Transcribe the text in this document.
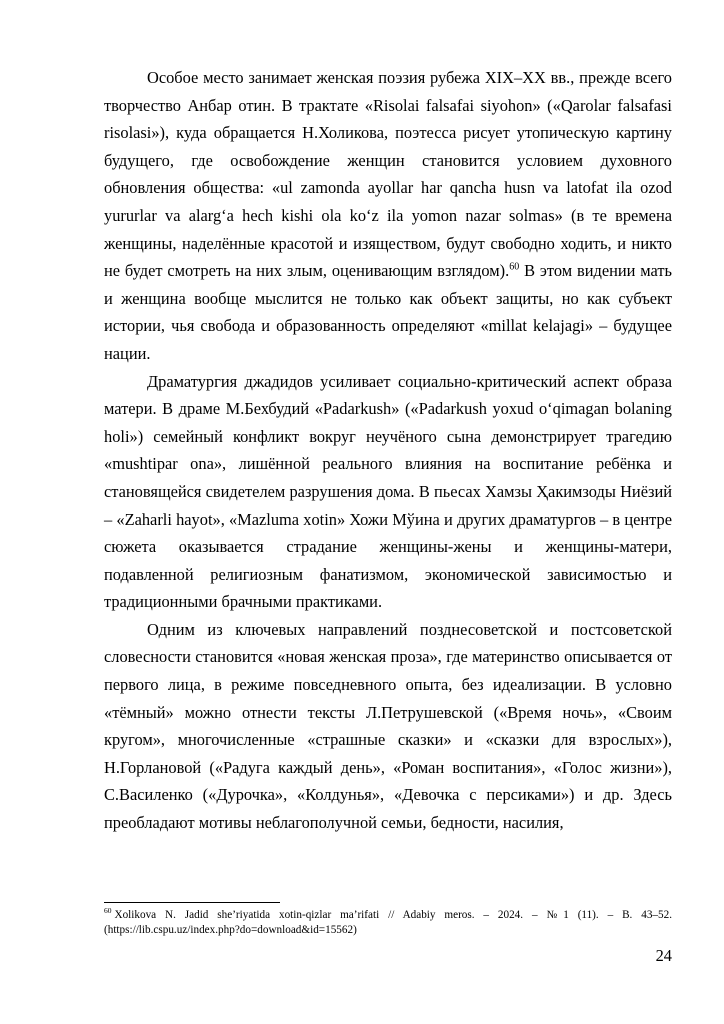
Особое место занимает женская поэзия рубежа XIX–XX вв., прежде всего творчество Анбар отин. В трактате «Risolai falsafai siyohon» («Qarolar falsafasi risolasi»), куда обращается Н.Холикова, поэтесса рисует утопическую картину будущего, где освобождение женщин становится условием духовного обновления общества: «ul zamonda ayollar har qancha husn va latofat ila ozod yururlar va alarg‘a hech kishi ola ko‘z ila yomon nazar solmas» (в те времена женщины, наделённые красотой и изяществом, будут свободно ходить, и никто не будет смотреть на них злым, оценивающим взглядом).$^{60}$ В этом видении мать и женщина вообще мыслится не только как объект защиты, но как субъект истории, чья свобода и образованность определяют «millat kelajagi» – будущее нации.

Драматургия джадидов усиливает социально-критический аспект образа матери. В драме М.Бехбудий «Padarkush» («Padarkush yoxud o‘qimagan bolaning holi») семейный конфликт вокруг неучёного сына демонстрирует трагедию «mushtipar ona», лишённой реального влияния на воспитание ребёнка и становящейся свидетелем разрушения дома. В пьесах Хамзы Ҳакимзоды Ниёзий – «Zaharli hayot», «Mazluma xotin» Хожи Мўина и других драматургов – в центре сюжета оказывается страдание женщины-жены и женщины-матери, подавленной религиозным фанатизмом, экономической зависимостью и традиционными брачными практиками.

Одним из ключевых направлений позднесоветской и постсоветской словесности становится «новая женская проза», где материнство описывается от первого лица, в режиме повседневного опыта, без идеализации. В условно «тёмный» можно отнести тексты Л.Петрушевской («Время ночь», «Своим кругом», многочисленные «страшные сказки» и «сказки для взрослых»), Н.Горлановой («Радуга каждый день», «Роман воспитания», «Голос жизни»), С.Василенко («Дурочка», «Колдунья», «Девочка с персиками») и др. Здесь преобладают мотивы неблагополучной семьи, бедности, насилия,

$^{60}$ Xolikova N. Jadid she’riyatida xotin-qizlar ma’rifati // Adabiy meros. – 2024. – №1 (11). – B. 43–52. (https://lib.cspu.uz/index.php?do=download&id=15562)
24
